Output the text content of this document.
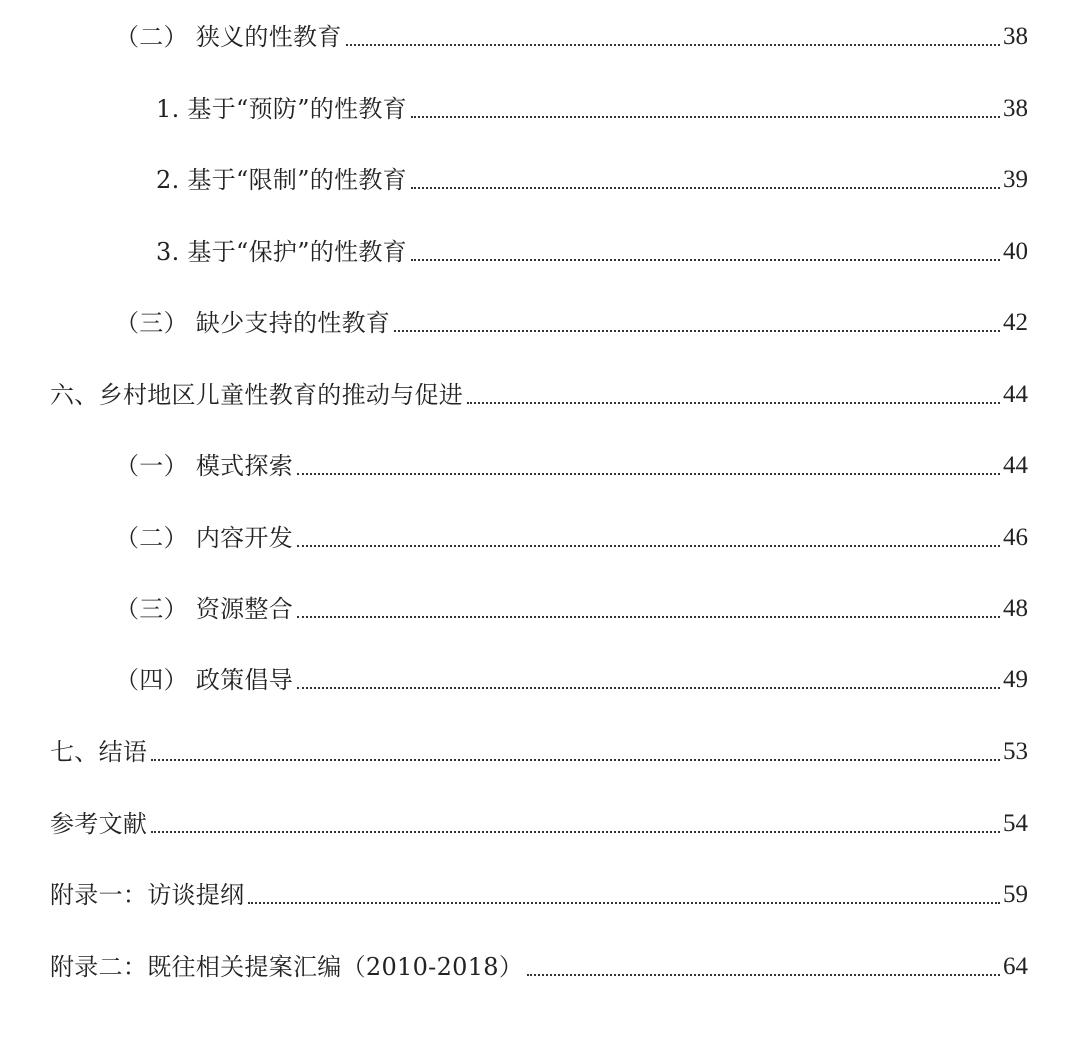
（二） 狭义的性教育	38
1. 基于“预防”的性教育	38
2. 基于“限制”的性教育	39
3. 基于“保护”的性教育	40
（三） 缺少支持的性教育	42
六、乡村地区儿童性教育的推动与促进	44
（一） 模式探索	44
（二） 内容开发	46
（三） 资源整合	48
（四） 政策倡导	49
七、结语	53
参考文献	54
附录一：访谈提纲	59
附录二：既往相关提案汇编（2010-2018）	64
